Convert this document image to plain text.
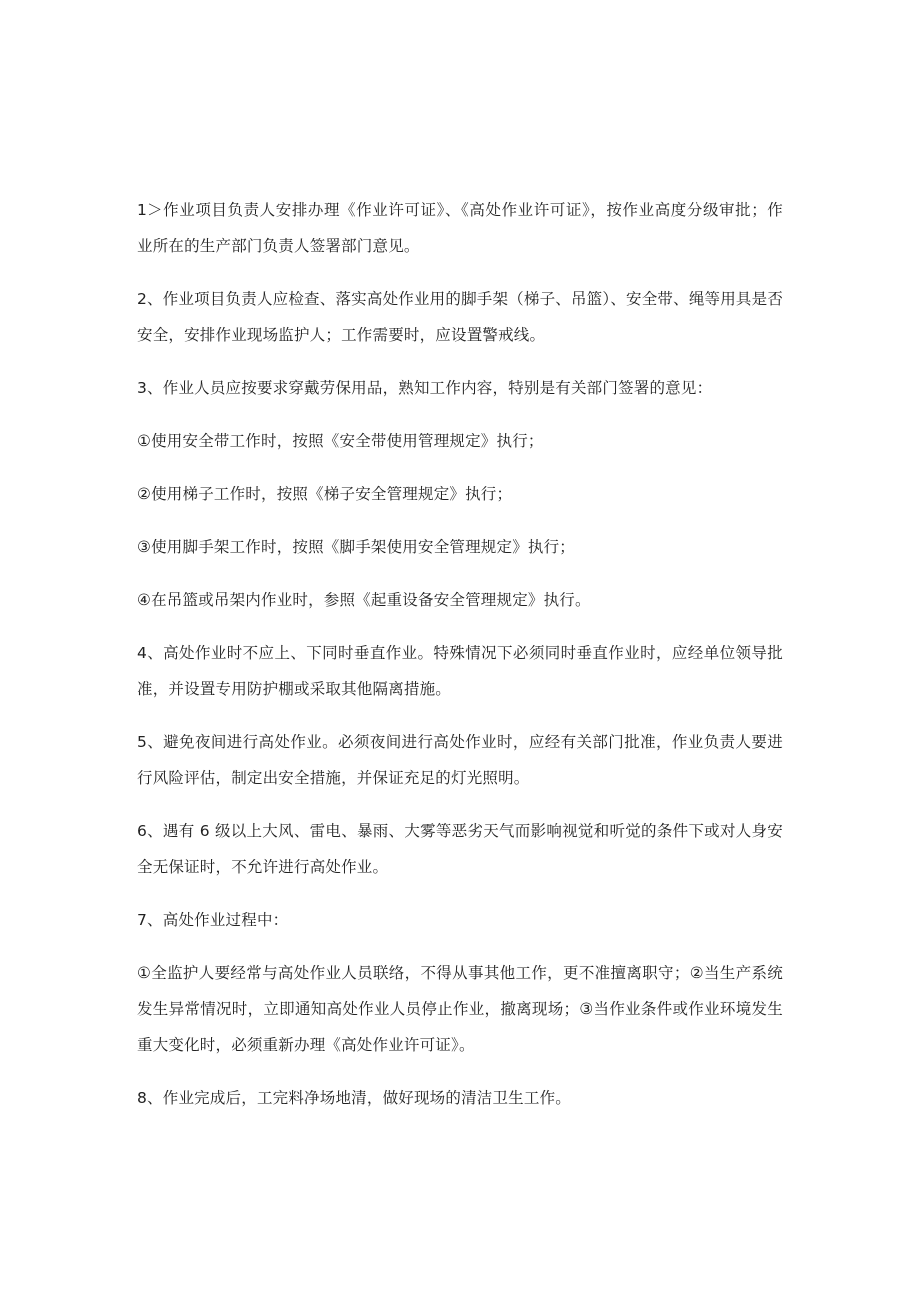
1＞作业项目负责人安排办理《作业许可证》、《高处作业许可证》，按作业高度分级审批；作业所在的生产部门负责人签署部门意见。

2、作业项目负责人应检查、落实高处作业用的脚手架（梯子、吊篮）、安全带、绳等用具是否安全，安排作业现场监护人；工作需要时，应设置警戒线。

3、作业人员应按要求穿戴劳保用品，熟知工作内容，特别是有关部门签署的意见：

①使用安全带工作时，按照《安全带使用管理规定》执行；

②使用梯子工作时，按照《梯子安全管理规定》执行；

③使用脚手架工作时，按照《脚手架使用安全管理规定》执行；

④在吊篮或吊架内作业时，参照《起重设备安全管理规定》执行。

4、高处作业时不应上、下同时垂直作业。特殊情况下必须同时垂直作业时，应经单位领导批准，并设置专用防护棚或采取其他隔离措施。

5、避免夜间进行高处作业。必须夜间进行高处作业时，应经有关部门批准，作业负责人要进行风险评估，制定出安全措施，并保证充足的灯光照明。

6、遇有 6 级以上大风、雷电、暴雨、大雾等恶劣天气而影响视觉和听觉的条件下或对人身安全无保证时，不允许进行高处作业。

7、高处作业过程中：

①全监护人要经常与高处作业人员联络，不得从事其他工作，更不准擅离职守；②当生产系统发生异常情况时，立即通知高处作业人员停止作业，撤离现场；③当作业条件或作业环境发生重大变化时，必须重新办理《高处作业许可证》。

8、作业完成后，工完料净场地清，做好现场的清洁卫生工作。
